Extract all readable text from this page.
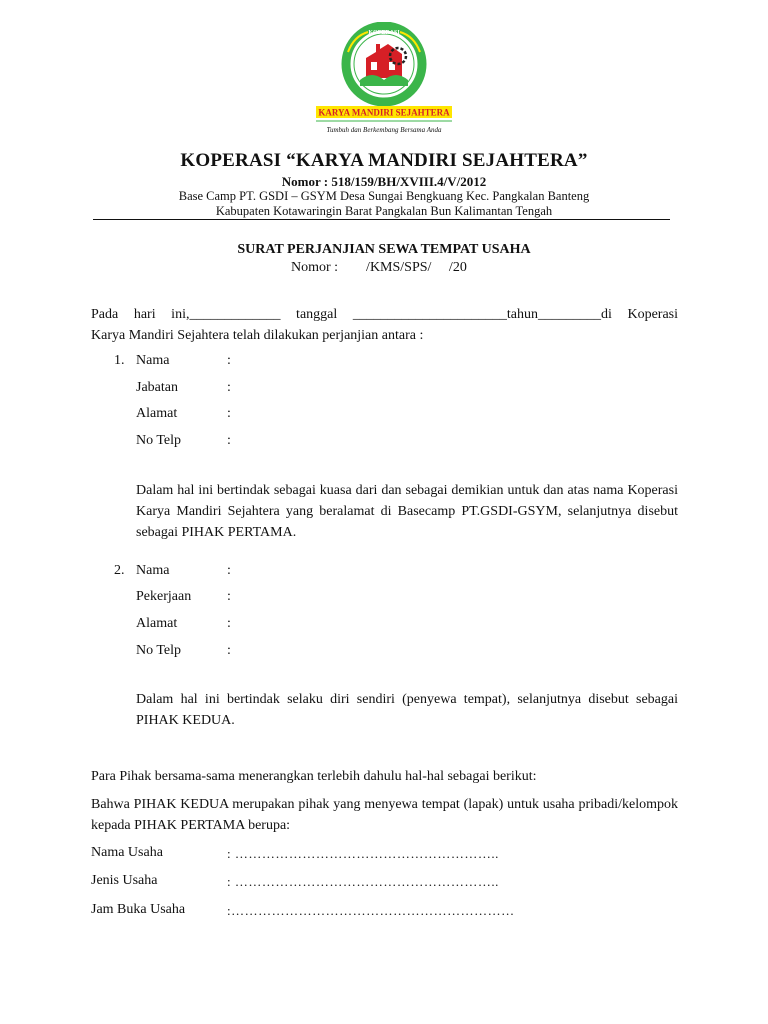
KOPERASI
KARYA MANDIRI SEJAHTERA
Tumbuh dan Berkembang Bersama Anda
KOPERASI “KARYA MANDIRI SEJAHTERA”
Nomor : 518/159/BH/XVIII.4/V/2012
Base Camp PT. GSDI – GSYM Desa Sungai Bengkuang Kec. Pangkalan Banteng
Kabupaten Kotawaringin Barat Pangkalan Bun Kalimantan Tengah
SURAT PERJANJIAN SEWA TEMPAT USAHA
Nomor :        /KMS/SPS/     /20
Pada hari ini,_____________ tanggal ______________________tahun_________di Koperasi
Karya Mandiri Sejahtera telah dilakukan perjanjian antara :
1. Nama	:
Jabatan	:
Alamat	:
No Telp	:
Dalam hal ini bertindak sebagai kuasa dari dan sebagai demikian untuk dan atas nama Koperasi Karya Mandiri Sejahtera yang beralamat di Basecamp PT.GSDI-GSYM, selanjutnya disebut sebagai PIHAK PERTAMA.
2. Nama	:
Pekerjaan	:
Alamat	:
No Telp	:
Dalam hal ini bertindak selaku diri sendiri (penyewa tempat), selanjutnya disebut sebagai PIHAK KEDUA.
Para Pihak bersama-sama menerangkan terlebih dahulu hal-hal sebagai berikut:
Bahwa PIHAK KEDUA merupakan pihak yang menyewa tempat (lapak) untuk usaha pribadi/kelompok kepada PIHAK PERTAMA berupa:
Nama Usaha	: …………………………………………………..
Jenis Usaha	: …………………………………………………..
Jam Buka Usaha	:………………………………………………………
